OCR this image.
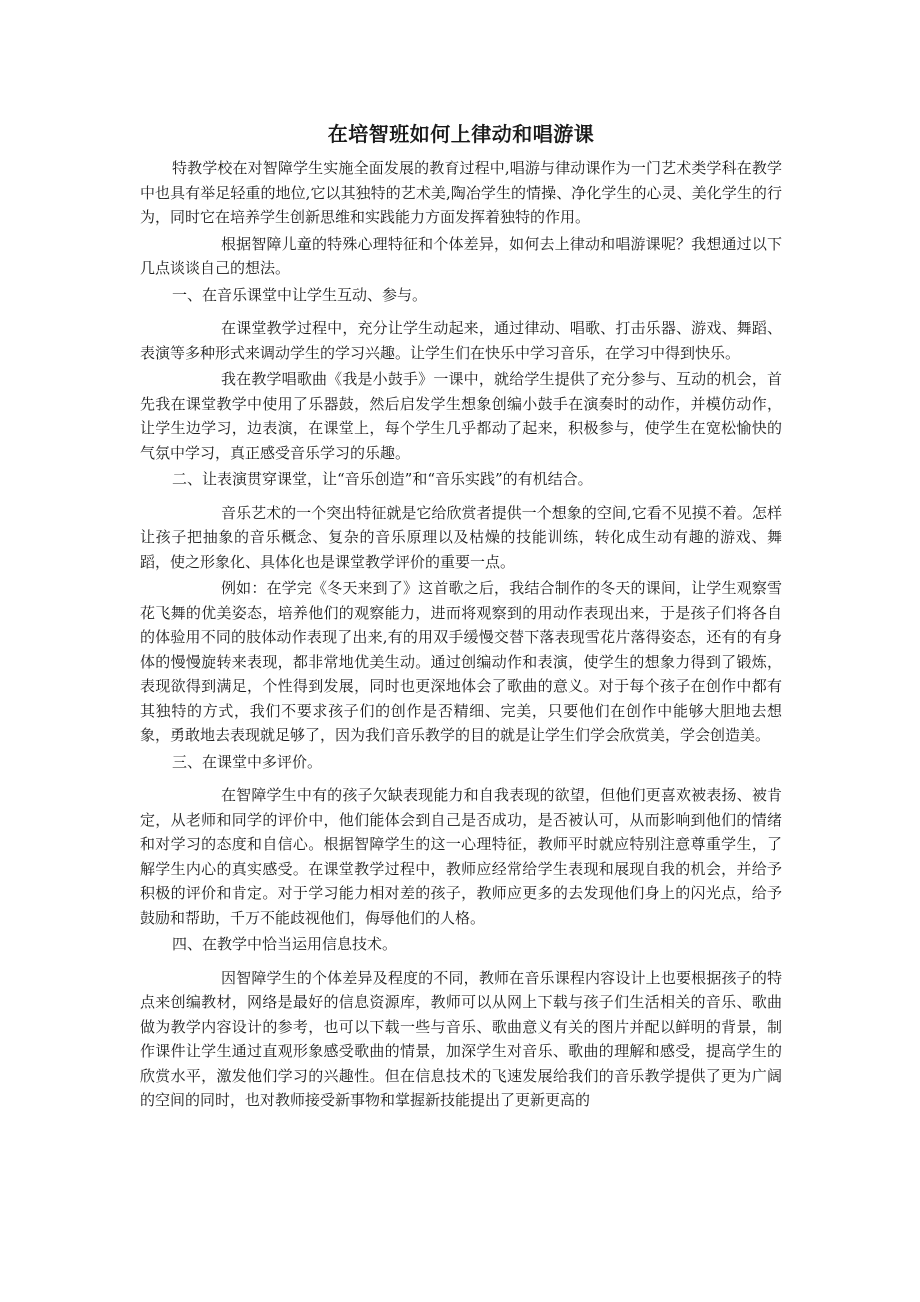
在培智班如何上律动和唱游课

特教学校在对智障学生实施全面发展的教育过程中,唱游与律动课作为一门艺术类学科在教学中也具有举足轻重的地位,它以其独特的艺术美,陶冶学生的情操、净化学生的心灵、美化学生的行为，同时它在培养学生创新思维和实践能力方面发挥着独特的作用。

根据智障儿童的特殊心理特征和个体差异，如何去上律动和唱游课呢？我想通过以下几点谈谈自己的想法。

一、在音乐课堂中让学生互动、参与。

在课堂教学过程中，充分让学生动起来，通过律动、唱歌、打击乐器、游戏、舞蹈、表演等多种形式来调动学生的学习兴趣。让学生们在快乐中学习音乐，在学习中得到快乐。

我在教学唱歌曲《我是小鼓手》一课中，就给学生提供了充分参与、互动的机会，首先我在课堂教学中使用了乐器鼓，然后启发学生想象创编小鼓手在演奏时的动作，并模仿动作，让学生边学习，边表演，在课堂上，每个学生几乎都动了起来，积极参与，使学生在宽松愉快的气氛中学习，真正感受音乐学习的乐趣。

二、让表演贯穿课堂，让“音乐创造”和“音乐实践”的有机结合。

音乐艺术的一个突出特征就是它给欣赏者提供一个想象的空间,它看不见摸不着。怎样让孩子把抽象的音乐概念、复杂的音乐原理以及枯燥的技能训练，转化成生动有趣的游戏、舞蹈，使之形象化、具体化也是课堂教学评价的重要一点。

例如：在学完《冬天来到了》这首歌之后，我结合制作的冬天的课间，让学生观察雪花飞舞的优美姿态，培养他们的观察能力，进而将观察到的用动作表现出来，于是孩子们将各自的体验用不同的肢体动作表现了出来,有的用双手缓慢交替下落表现雪花片落得姿态，还有的有身体的慢慢旋转来表现，都非常地优美生动。通过创编动作和表演，使学生的想象力得到了锻炼，表现欲得到满足，个性得到发展，同时也更深地体会了歌曲的意义。对于每个孩子在创作中都有其独特的方式，我们不要求孩子们的创作是否精细、完美，只要他们在创作中能够大胆地去想象，勇敢地去表现就足够了，因为我们音乐教学的目的就是让学生们学会欣赏美，学会创造美。

三、在课堂中多评价。

在智障学生中有的孩子欠缺表现能力和自我表现的欲望，但他们更喜欢被表扬、被肯定，从老师和同学的评价中，他们能体会到自己是否成功，是否被认可，从而影响到他们的情绪和对学习的态度和自信心。根据智障学生的这一心理特征，教师平时就应特别注意尊重学生，了解学生内心的真实感受。在课堂教学过程中，教师应经常给学生表现和展现自我的机会，并给予积极的评价和肯定。对于学习能力相对差的孩子，教师应更多的去发现他们身上的闪光点，给予鼓励和帮助，千万不能歧视他们，侮辱他们的人格。

四、在教学中恰当运用信息技术。

因智障学生的个体差异及程度的不同，教师在音乐课程内容设计上也要根据孩子的特点来创编教材，网络是最好的信息资源库，教师可以从网上下载与孩子们生活相关的音乐、歌曲做为教学内容设计的参考，也可以下载一些与音乐、歌曲意义有关的图片并配以鲜明的背景，制作课件让学生通过直观形象感受歌曲的情景，加深学生对音乐、歌曲的理解和感受，提高学生的欣赏水平，激发他们学习的兴趣性。但在信息技术的飞速发展给我们的音乐教学提供了更为广阔的空间的同时，也对教师接受新事物和掌握新技能提出了更新更高的
